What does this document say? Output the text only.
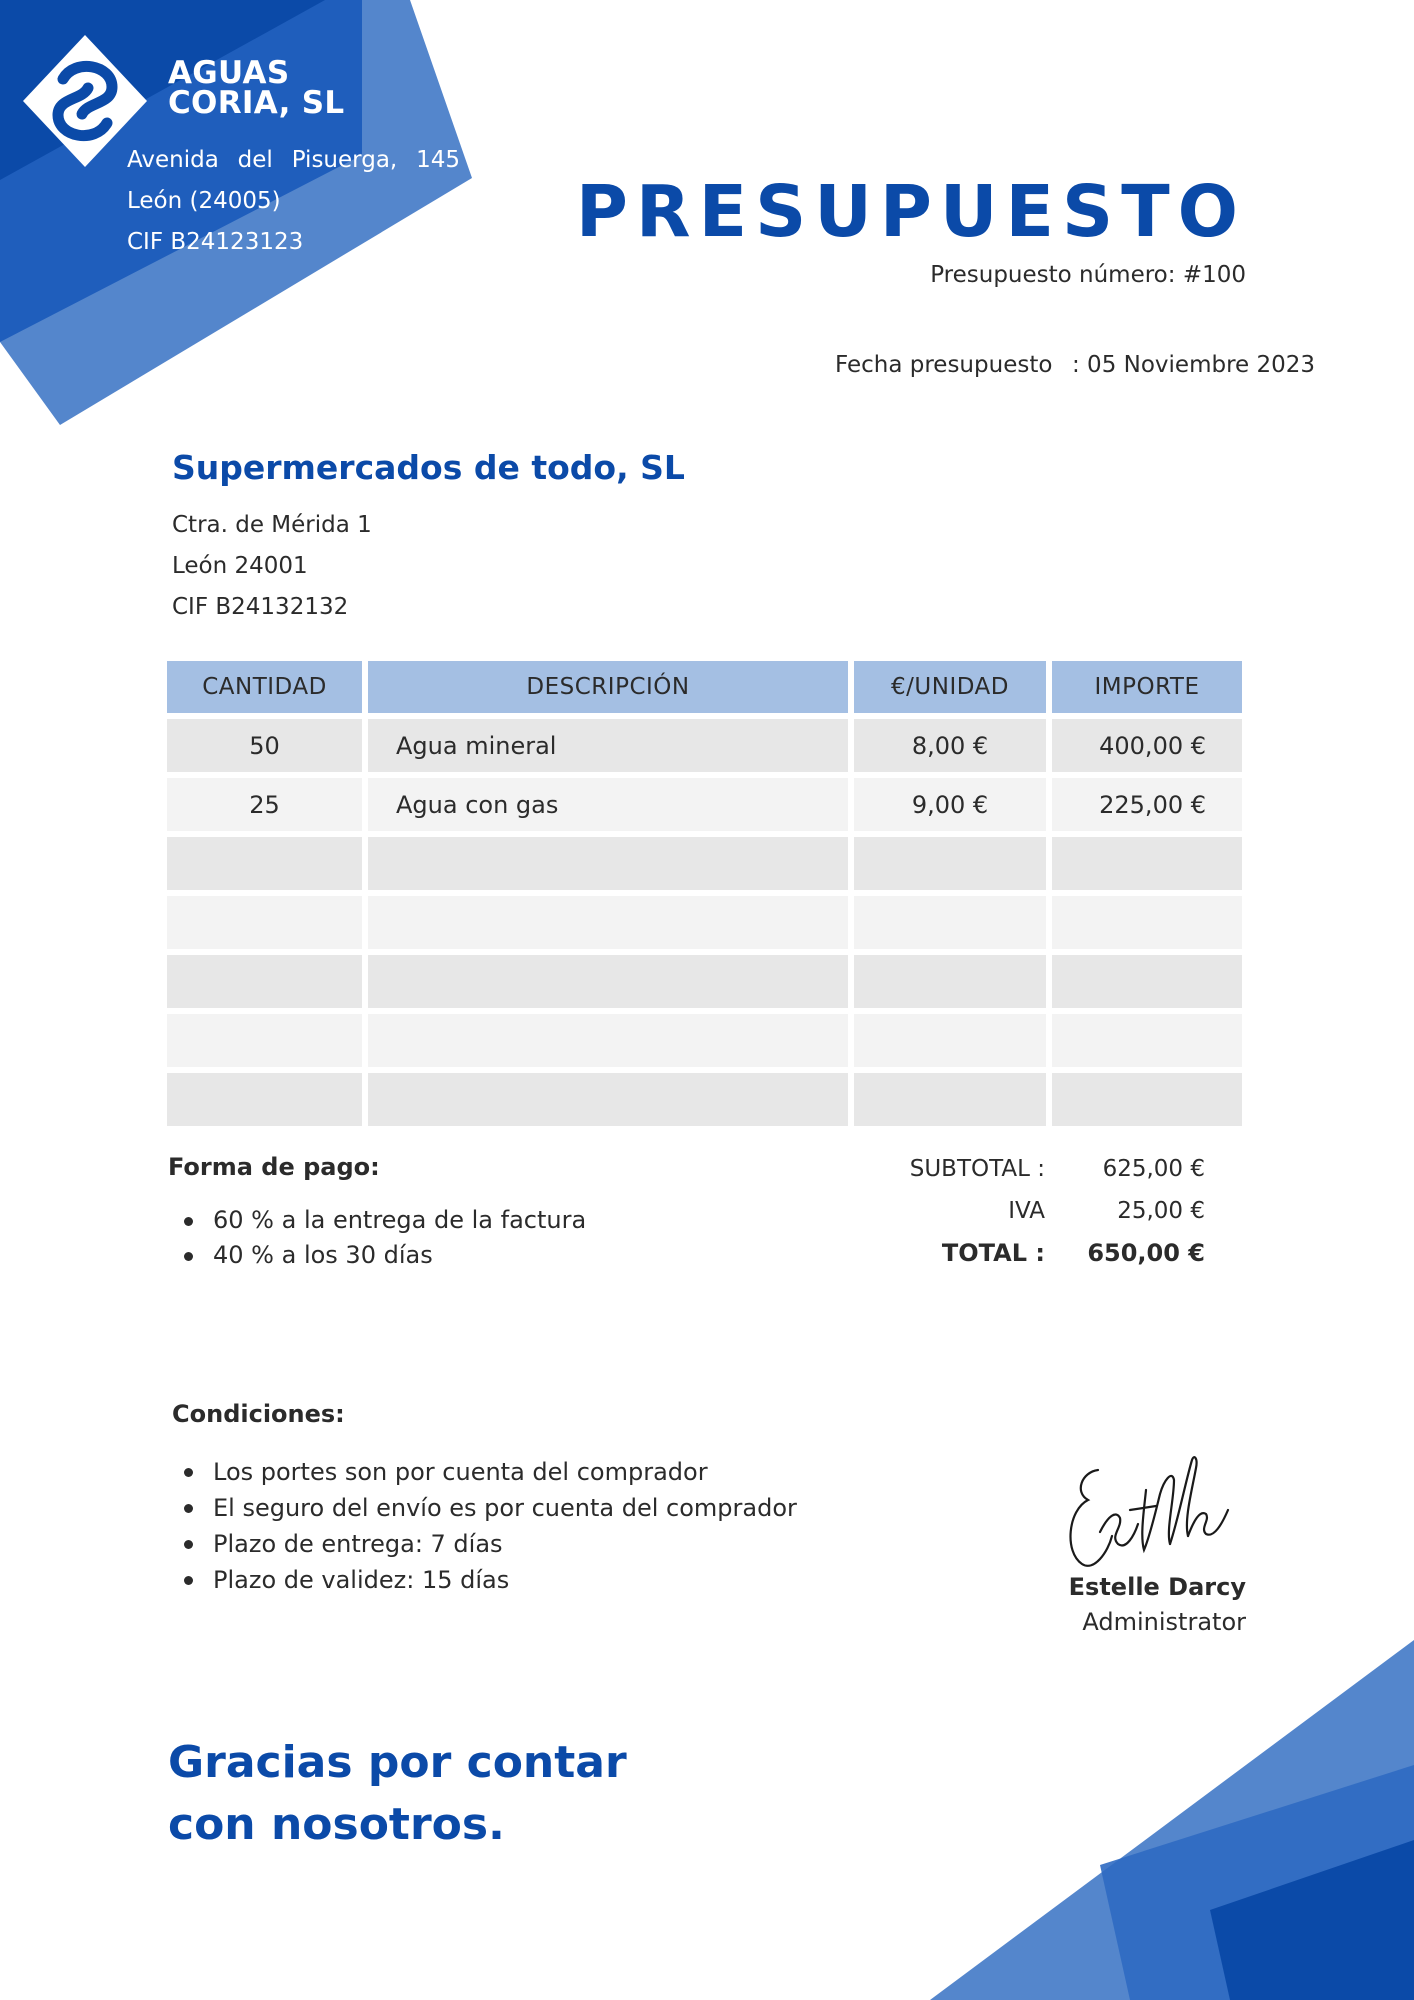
AGUAS
CORIA, SL
Avenida del Pisuerga, 145
León (24005)
CIF B24123123	PRESUPUESTO
Presupuesto número: #100
Fecha presupuesto : 05 Noviembre 2023
Supermercados de todo, SL
Ctra. de Mérida 1
León 24001
CIF B24132132
CANTIDAD	DESCRIPCIÓN	€/UNIDAD	IMPORTE
50	Agua mineral	8,00 €	400,00 €
25	Agua con gas	9,00 €	225,00 €

Forma de pago:
60 % a la entrega de la factura
40 % a los 30 días
SUBTOTAL :	625,00 €
IVA	25,00 €
TOTAL :	650,00 €
Condiciones:
Los portes son por cuenta del comprador
El seguro del envío es por cuenta del comprador
Plazo de entrega: 7 días
Plazo de validez: 15 días	Estelle Darcy
Administrator
Gracias por contar
con nosotros.
